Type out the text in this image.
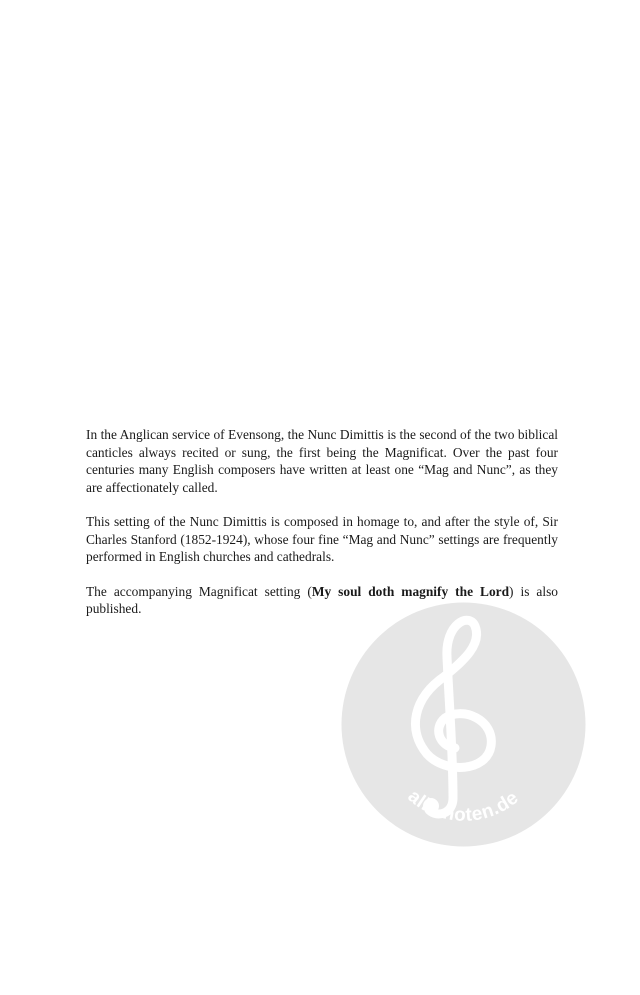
In the Anglican service of Evensong, the Nunc Dimittis is the second of the two biblical canticles always recited or sung, the first being the Magnificat. Over the past four centuries many English composers have written at least one “Mag and Nunc”, as they are affectionately called.

This setting of the Nunc Dimittis is composed in homage to, and after the style of, Sir Charles Stanford (1852-1924), whose four fine “Mag and Nunc” settings are frequently performed in English churches and cathedrals.

The accompanying Magnificat setting (My soul doth magnify the Lord) is also published.

alle-noten.de
